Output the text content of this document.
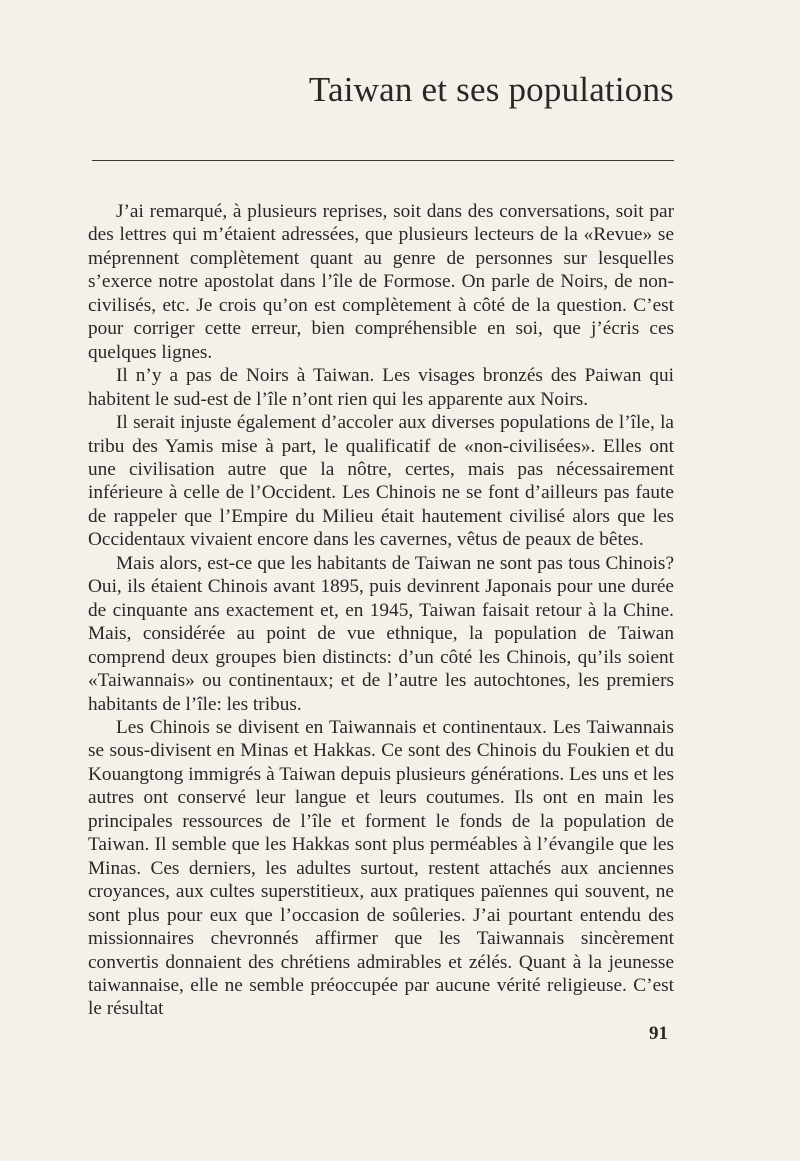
Taiwan et ses populations

J’ai remarqué, à plusieurs reprises, soit dans des conversations, soit par des lettres qui m’étaient adressées, que plusieurs lecteurs de la «Revue» se méprennent complètement quant au genre de personnes sur lesquelles s’exerce notre apostolat dans l’île de Formose. On parle de Noirs, de non-civilisés, etc. Je crois qu’on est complètement à côté de la question. C’est pour corriger cette erreur, bien compréhensible en soi, que j’écris ces quelques lignes.

Il n’y a pas de Noirs à Taiwan. Les visages bronzés des Paiwan qui habitent le sud-est de l’île n’ont rien qui les apparente aux Noirs.

Il serait injuste également d’accoler aux diverses populations de l’île, la tribu des Yamis mise à part, le qualificatif de «non-civilisées». Elles ont une civilisation autre que la nôtre, certes, mais pas nécessairement inférieure à celle de l’Occident. Les Chinois ne se font d’ailleurs pas faute de rappeler que l’Empire du Milieu était hautement civilisé alors que les Occidentaux vivaient encore dans les cavernes, vêtus de peaux de bêtes.

Mais alors, est-ce que les habitants de Taiwan ne sont pas tous Chinois? Oui, ils étaient Chinois avant 1895, puis devinrent Japonais pour une durée de cinquante ans exactement et, en 1945, Taiwan faisait retour à la Chine. Mais, considérée au point de vue ethnique, la population de Taiwan comprend deux groupes bien distincts: d’un côté les Chinois, qu’ils soient «Taiwannais» ou continentaux; et de l’autre les autochtones, les premiers habitants de l’île: les tribus.

Les Chinois se divisent en Taiwannais et continentaux. Les Taiwannais se sous-divisent en Minas et Hakkas. Ce sont des Chinois du Foukien et du Kouangtong immigrés à Taiwan depuis plusieurs générations. Les uns et les autres ont conservé leur langue et leurs coutumes. Ils ont en main les principales ressources de l’île et forment le fonds de la population de Taiwan. Il semble que les Hakkas sont plus perméables à l’évangile que les Minas. Ces derniers, les adultes surtout, restent attachés aux anciennes croyances, aux cultes superstitieux, aux pratiques païennes qui souvent, ne sont plus pour eux que l’occasion de soûleries. J’ai pourtant entendu des missionnaires chevronnés affirmer que les Taiwannais sincèrement convertis donnaient des chrétiens admirables et zélés. Quant à la jeunesse taiwannaise, elle ne semble préoccupée par aucune vérité religieuse. C’est le résultat

91
